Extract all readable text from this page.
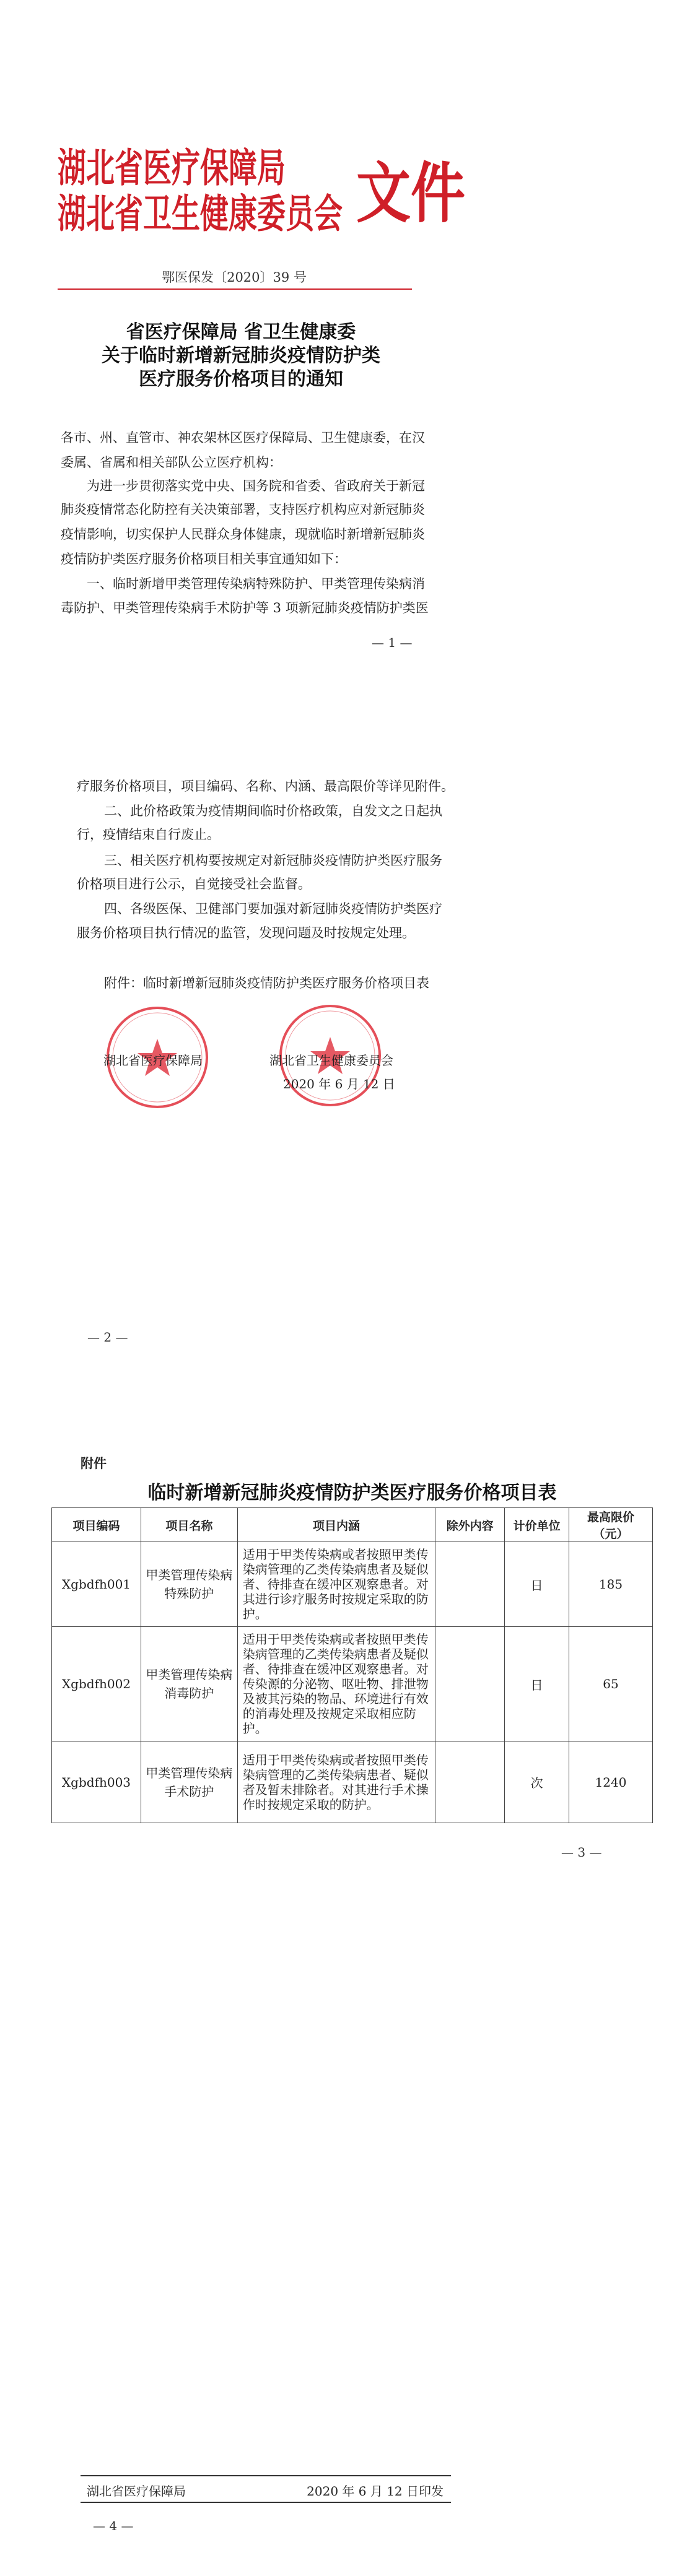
湖北省医疗保障局
湖北省卫生健康委员会 文件
鄂医保发〔2020〕39 号
省医疗保障局 省卫生健康委
关于临时新增新冠肺炎疫情防护类
医疗服务价格项目的通知
各市、州、直管市、神农架林区医疗保障局、卫生健康委，在汉
委属、省属和相关部队公立医疗机构：
为进一步贯彻落实党中央、国务院和省委、省政府关于新冠
肺炎疫情常态化防控有关决策部署，支持医疗机构应对新冠肺炎
疫情影响，切实保护人民群众身体健康，现就临时新增新冠肺炎
疫情防护类医疗服务价格项目相关事宜通知如下：
一、临时新增甲类管理传染病特殊防护、甲类管理传染病消
毒防护、甲类管理传染病手术防护等 3 项新冠肺炎疫情防护类医
— 1 —
疗服务价格项目，项目编码、名称、内涵、最高限价等详见附件。
二、此价格政策为疫情期间临时价格政策，自发文之日起执
行，疫情结束自行废止。
三、相关医疗机构要按规定对新冠肺炎疫情防护类医疗服务
价格项目进行公示，自觉接受社会监督。
四、各级医保、卫健部门要加强对新冠肺炎疫情防护类医疗
服务价格项目执行情况的监管，发现问题及时按规定处理。
附件：临时新增新冠肺炎疫情防护类医疗服务价格项目表
湖北省医疗保障局	湖北省卫生健康委员会
2020 年 6 月 12 日
— 2 —
附件
临时新增新冠肺炎疫情防护类医疗服务价格项目表
项目编码	项目名称	项目内涵	除外内容	计价单位	最高限价（元）
Xgbdfh001	甲类管理传染病特殊防护	适用于甲类传染病或者按照甲类传染病管理的乙类传染病患者及疑似者、待排查在缓冲区观察患者。对其进行诊疗服务时按规定采取的防护。		日	185
Xgbdfh002	甲类管理传染病消毒防护	适用于甲类传染病或者按照甲类传染病管理的乙类传染病患者及疑似者、待排查在缓冲区观察患者。对传染源的分泌物、呕吐物、排泄物及被其污染的物品、环境进行有效的消毒处理及按规定采取相应防护。		日	65
Xgbdfh003	甲类管理传染病手术防护	适用于甲类传染病或者按照甲类传染病管理的乙类传染病患者、疑似者及暂未排除者。对其进行手术操作时按规定采取的防护。		次	1240
— 3 —
湖北省医疗保障局	2020 年 6 月 12 日印发
— 4 —
